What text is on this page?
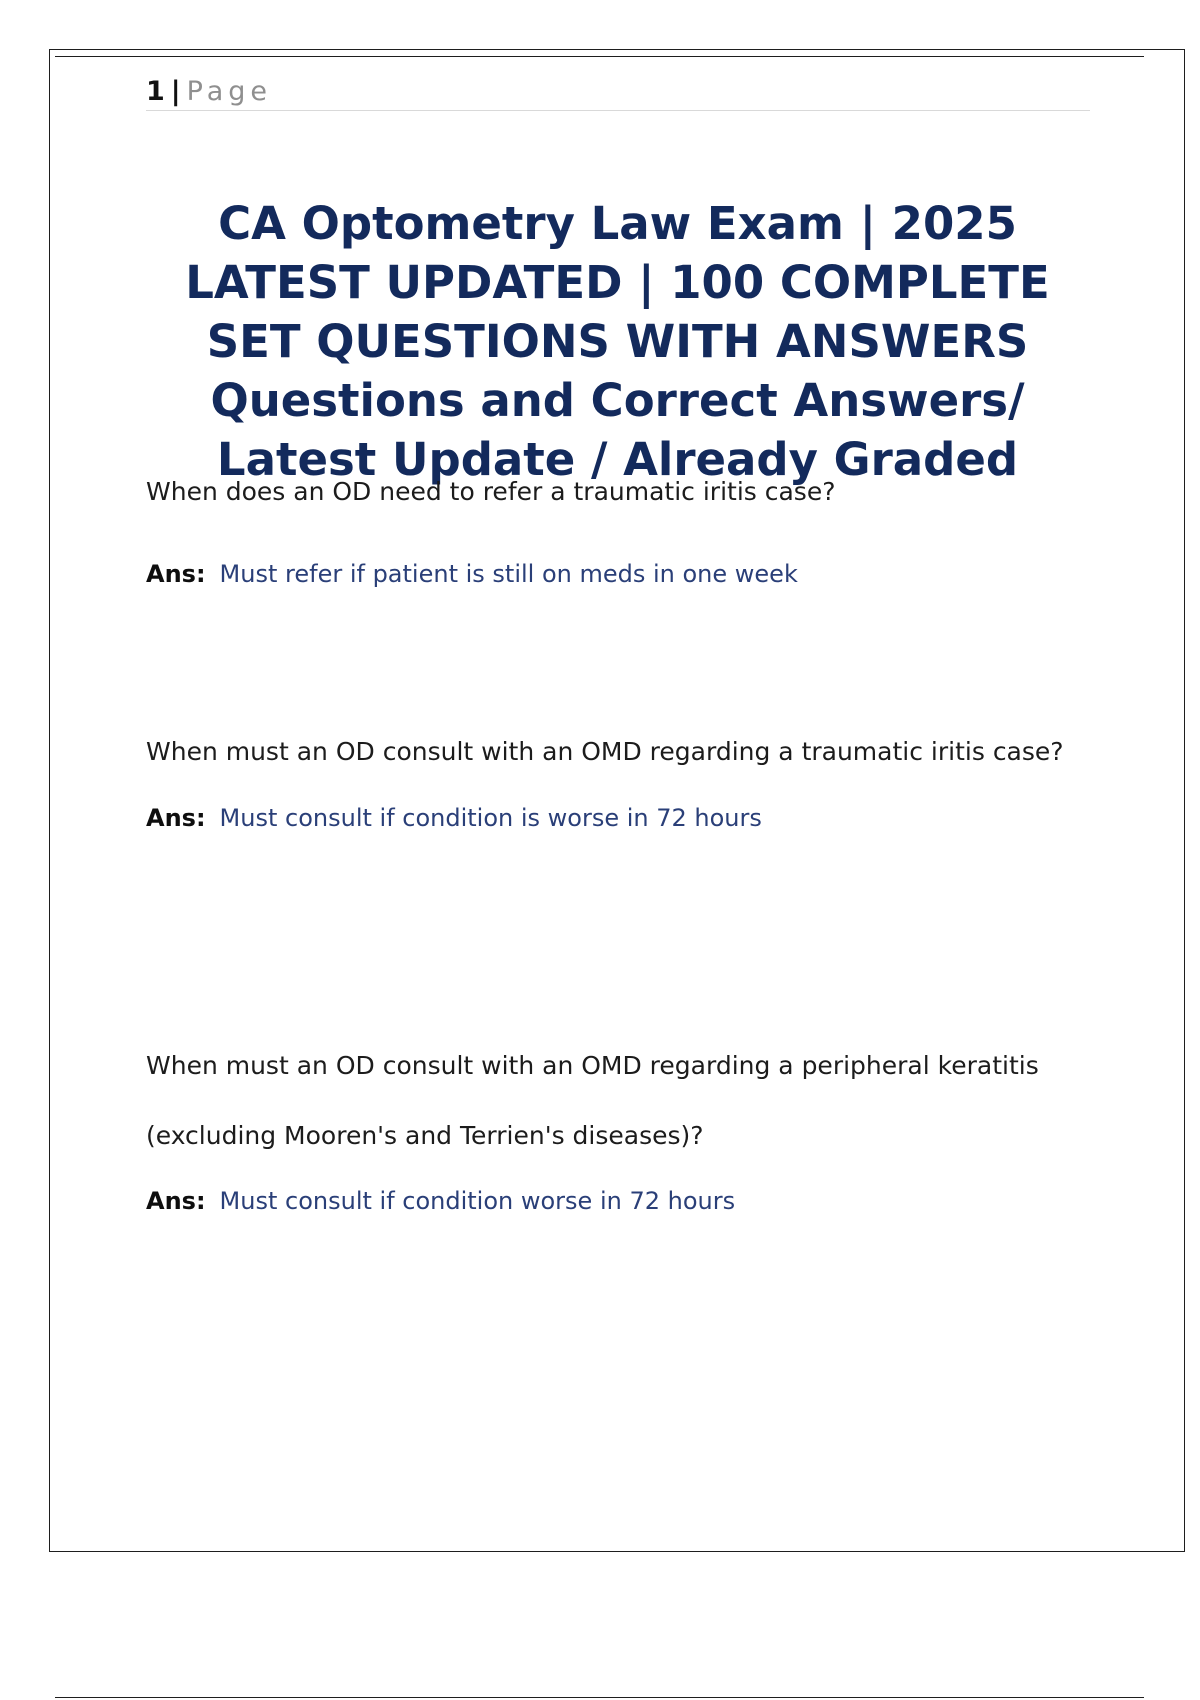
1 | Page
CA Optometry Law Exam | 2025 LATEST UPDATED | 100 COMPLETE SET QUESTIONS WITH ANSWERS Questions and Correct Answers/ Latest Update / Already Graded

When does an OD need to refer a traumatic iritis case?

Ans: Must refer if patient is still on meds in one week

When must an OD consult with an OMD regarding a traumatic iritis case?

Ans: Must consult if condition is worse in 72 hours

When must an OD consult with an OMD regarding a peripheral keratitis (excluding Mooren's and Terrien's diseases)?

Ans: Must consult if condition worse in 72 hours
